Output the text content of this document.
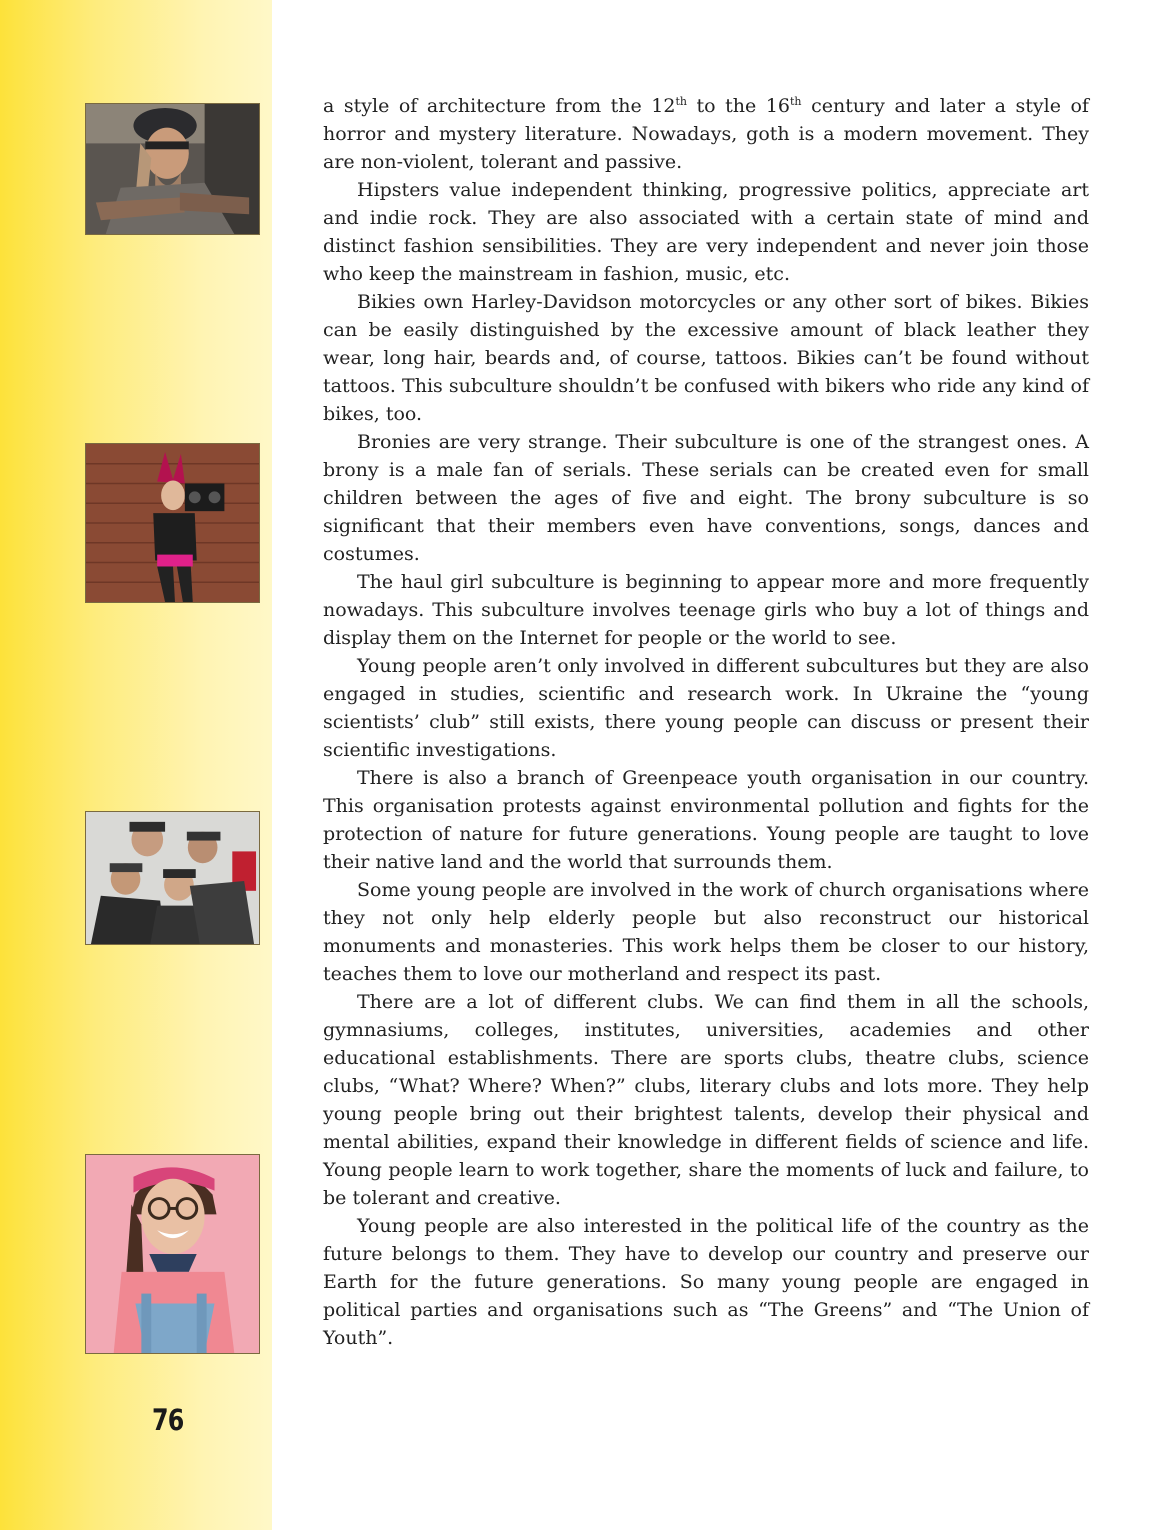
76

a style of architecture from the 12th to the 16th century and later a style of horror and mystery literature. Nowadays, goth is a modern movement. They are non-violent, tolerant and passive.

Hipsters value independent thinking, progressive politics, appreciate art and indie rock. They are also associated with a certain state of mind and distinct fashion sensibilities. They are very independent and never join those who keep the mainstream in fashion, music, etc.

Bikies own Harley-Davidson motorcycles or any other sort of bikes. Bikies can be easily distinguished by the excessive amount of black leather they wear, long hair, beards and, of course, tattoos. Bikies can’t be found without tattoos. This subculture shouldn’t be confused with bikers who ride any kind of bikes, too.

Bronies are very strange. Their subculture is one of the strangest ones. A brony is a male fan of serials. These serials can be created even for small children between the ages of five and eight. The brony subculture is so significant that their members even have conventions, songs, dances and costumes.

The haul girl subculture is beginning to appear more and more frequently nowadays. This subculture involves teenage girls who buy a lot of things and display them on the Internet for people or the world to see.

Young people aren’t only involved in different subcultures but they are also engaged in studies, scientific and research work. In Ukraine the “young scientists’ club” still exists, there young people can discuss or present their scientific investigations.

There is also a branch of Greenpeace youth organisation in our country. This organisation protests against environmental pollution and fights for the protection of nature for future generations. Young people are taught to love their native land and the world that surrounds them.

Some young people are involved in the work of church organisations where they not only help elderly people but also reconstruct our historical monuments and monasteries. This work helps them be closer to our history, teaches them to love our motherland and respect its past.

There are a lot of different clubs. We can find them in all the schools, gymnasiums, colleges, institutes, universities, academies and other educational establishments. There are sports clubs, theatre clubs, science clubs, “What? Where? When?” clubs, literary clubs and lots more. They help young people bring out their brightest talents, develop their physical and mental abilities, expand their knowledge in different fields of science and life. Young people learn to work together, share the moments of luck and failure, to be tolerant and creative.

Young people are also interested in the political life of the country as the future belongs to them. They have to develop our country and preserve our Earth for the future generations. So many young people are engaged in political parties and organisations such as “The Greens” and “The Union of Youth”.
